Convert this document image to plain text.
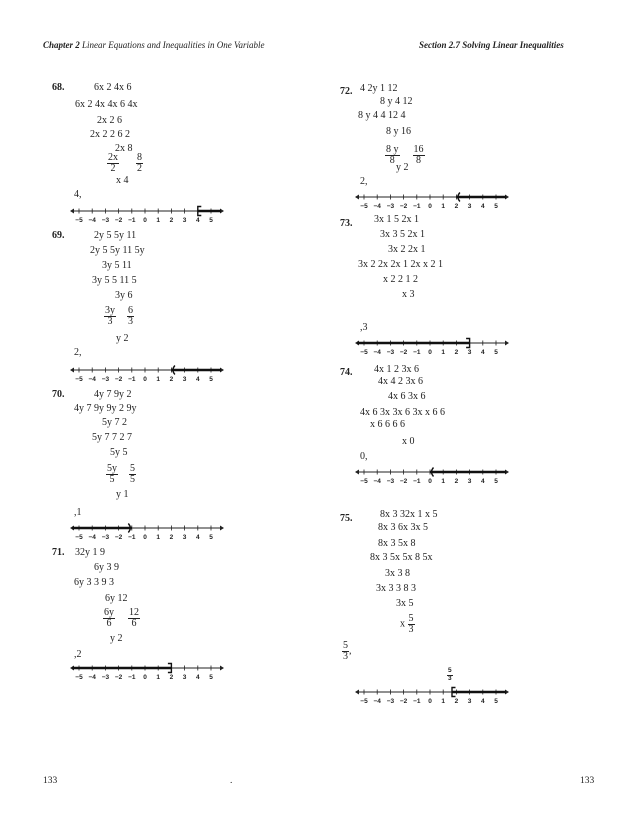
Chapter 2 Linear Equations and Inequalities in One Variable	Section 2.7 Solving Linear Inequalities
68.	6x 2 4x 6
6x 2 4x 4x 6 4x
2x 2 6
2x 2 2 6 2
2x 8
$\frac{2x}{2}$
$\frac{8}{2}$
x 4
4,
−5 −4 −3 −2 −1 0 1 2 3 4 5
69.	2y 5 5y 11
2y 5 5y 11 5y
3y 5 11
3y 5 5 11 5
3y 6
$\frac{3y}{3}$
$\frac{6}{3}$
y 2
2,
−5 −4 −3 −2 −1 0 1 2 3 4 5
70.	4y 7 9y 2
4y 7 9y 9y 2 9y
5y 7 2
5y 7 7 2 7
5y 5
$\frac{5y}{5}$
$\frac{5}{5}$
y 1
,1
−5 −4 −3 −2 −1 0 1 2 3 4 5
71. 32y 1 9
6y 3 9
6y 3 3 9 3
6y 12
$\frac{6y}{6}$
$\frac{12}{6}$
y 2
,2
−5 −4 −3 −2 −1 0 1 2 3 4 5
72. 4 2y 1 12
8 y 4 12
8 y 4 4 12 4
8 y 16
$\frac{8 y}{8}$
$\frac{16}{8}$
y 2
2,
−5 −4 −3 −2 −1 0 1 2 3 4 5
73. 3x 1 5 2x 1
3x 3 5 2x 1
3x 2 2x 1
3x 2 2x 2x 1 2x x 2 1
x 2 2 1 2
x 3
,3
−5 −4 −3 −2 −1 0 1 2 3 4 5
74. 4x 1 2 3x 6
4x 4 2 3x 6
4x 6 3x 6
4x 6 3x 3x 6 3x x 6 6
x 6 6 6 6
x 0
0,
−5 −4 −3 −2 −1 0 1 2 3 4 5
75.	8x 3 32x 1 x 5
8x 3 6x 3x 5
8x 3 5x 8
8x 3 5x 5x 8 5x
3x 3 8
3x 3 3 8 3
3x 5
x $\frac{5}{3}$
$\frac{5}{3}$ ,
$\frac{5}{3}$
−5 −4 −3 −2 −1 0 1 2 3 4 5
133	.	133
